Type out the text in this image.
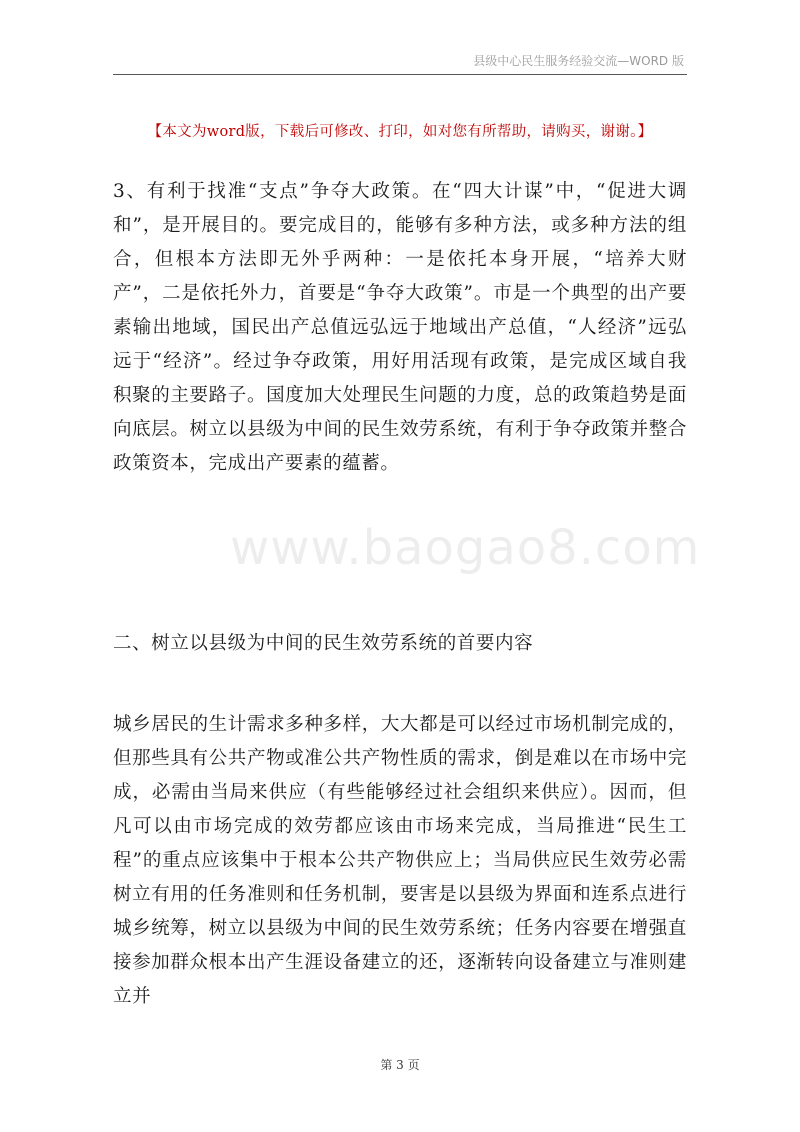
县级中心民生服务经验交流—WORD 版
【本文为word版，下载后可修改、打印，如对您有所帮助，请购买，谢谢。】
3、有利于找准“支点”争夺大政策。在“四大计谋”中，“促进大调和”，是开展目的。要完成目的，能够有多种方法，或多种方法的组合，但根本方法即无外乎两种：一是依托本身开展，“培养大财产”，二是依托外力，首要是“争夺大政策”。市是一个典型的出产要素输出地域，国民出产总值远弘远于地域出产总值，“人经济”远弘远于“经济”。经过争夺政策，用好用活现有政策，是完成区域自我积聚的主要路子。国度加大处理民生问题的力度，总的政策趋势是面向底层。树立以县级为中间的民生效劳系统，有利于争夺政策并整合政策资本，完成出产要素的蕴蓄。
www.baogao8.com
二、树立以县级为中间的民生效劳系统的首要内容
城乡居民的生计需求多种多样，大大都是可以经过市场机制完成的，但那些具有公共产物或准公共产物性质的需求，倒是难以在市场中完成，必需由当局来供应（有些能够经过社会组织来供应）。因而，但凡可以由市场完成的效劳都应该由市场来完成，当局推进“民生工程”的重点应该集中于根本公共产物供应上；当局供应民生效劳必需树立有用的任务准则和任务机制，要害是以县级为界面和连系点进行城乡统筹，树立以县级为中间的民生效劳系统；任务内容要在增强直接参加群众根本出产生涯设备建立的还，逐渐转向设备建立与准则建立并
第 3 页
